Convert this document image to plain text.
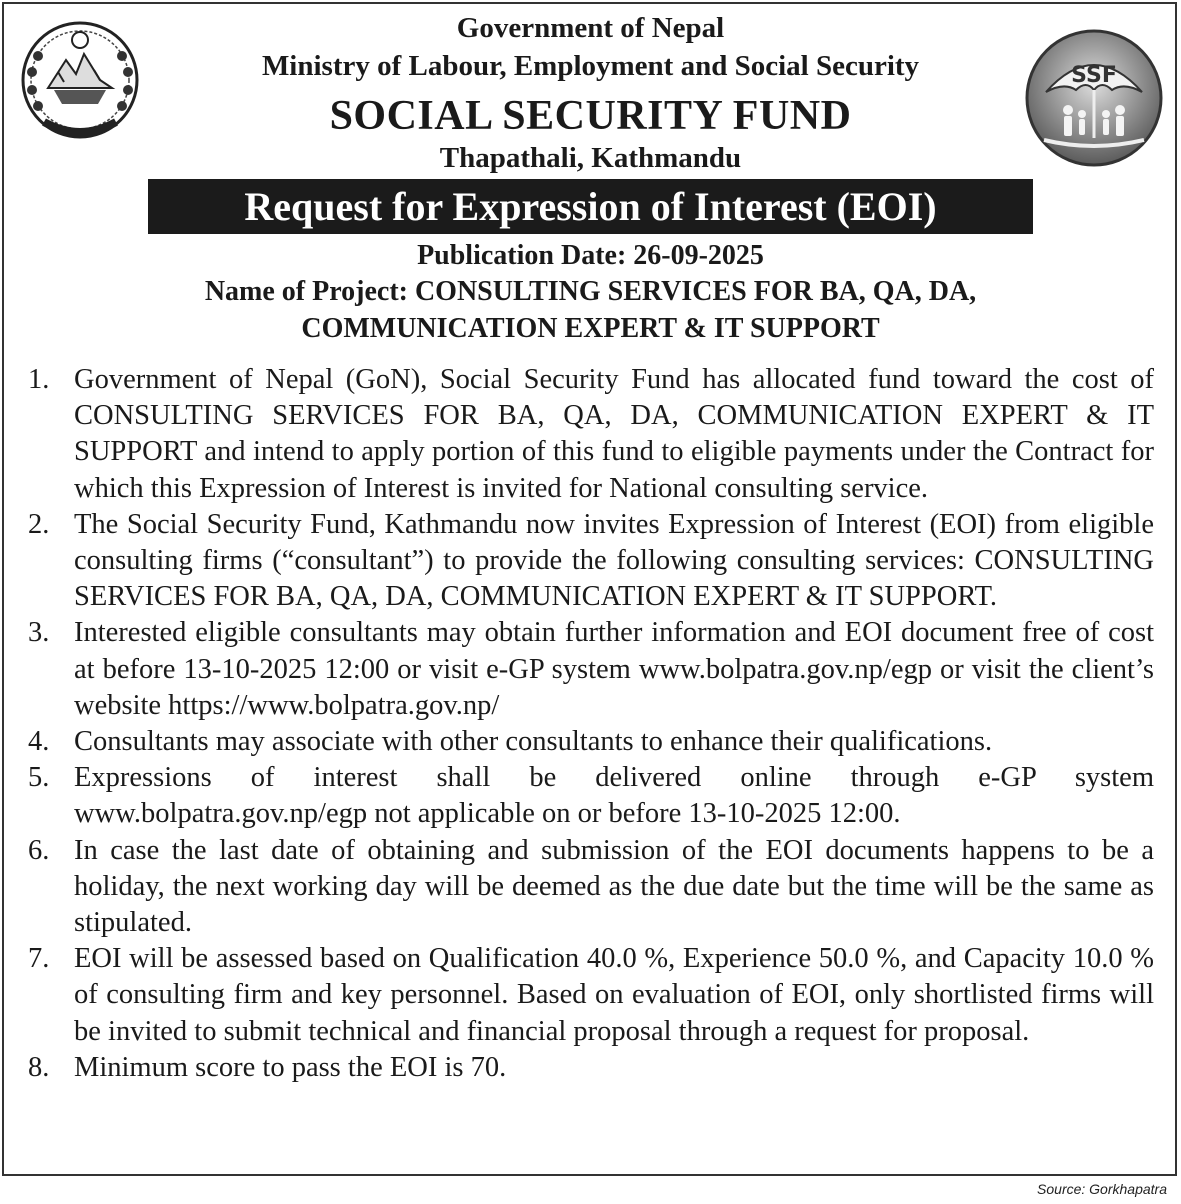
SSF
Government of Nepal
Ministry of Labour, Employment and Social Security
SOCIAL SECURITY FUND
Thapathali, Kathmandu
Request for Expression of Interest (EOI)
Publication Date: 26-09-2025
Name of Project: CONSULTING SERVICES FOR BA, QA, DA,
COMMUNICATION EXPERT & IT SUPPORT
1. Government of Nepal (GoN), Social Security Fund has allocated fund toward the cost of CONSULTING SERVICES FOR BA, QA, DA, COMMUNICATION EXPERT & IT SUPPORT and intend to apply portion of this fund to eligible payments under the Contract for which this Expression of Interest is invited for National consulting service.
2. The Social Security Fund, Kathmandu now invites Expression of Interest (EOI) from eligible consulting firms (“consultant”) to provide the following consulting services: CONSULTING SERVICES FOR BA, QA, DA, COMMUNICATION EXPERT & IT SUPPORT.
3. Interested eligible consultants may obtain further information and EOI document free of cost at before 13-10-2025 12:00 or visit e-GP system www.bolpatra.gov.np/egp or visit the client’s website https://www.bolpatra.gov.np/
4. Consultants may associate with other consultants to enhance their qualifications.
5. Expressions of interest shall be delivered online through e-GP system www.bolpatra.gov.np/egp not applicable on or before 13-10-2025 12:00.
6. In case the last date of obtaining and submission of the EOI documents happens to be a holiday, the next working day will be deemed as the due date but the time will be the same as stipulated.
7. EOI will be assessed based on Qualification 40.0 %, Experience 50.0 %, and Capacity 10.0 % of consulting firm and key personnel. Based on evaluation of EOI, only shortlisted firms will be invited to submit technical and financial proposal through a request for proposal.
8. Minimum score to pass the EOI is 70.
Source: Gorkhapatra
